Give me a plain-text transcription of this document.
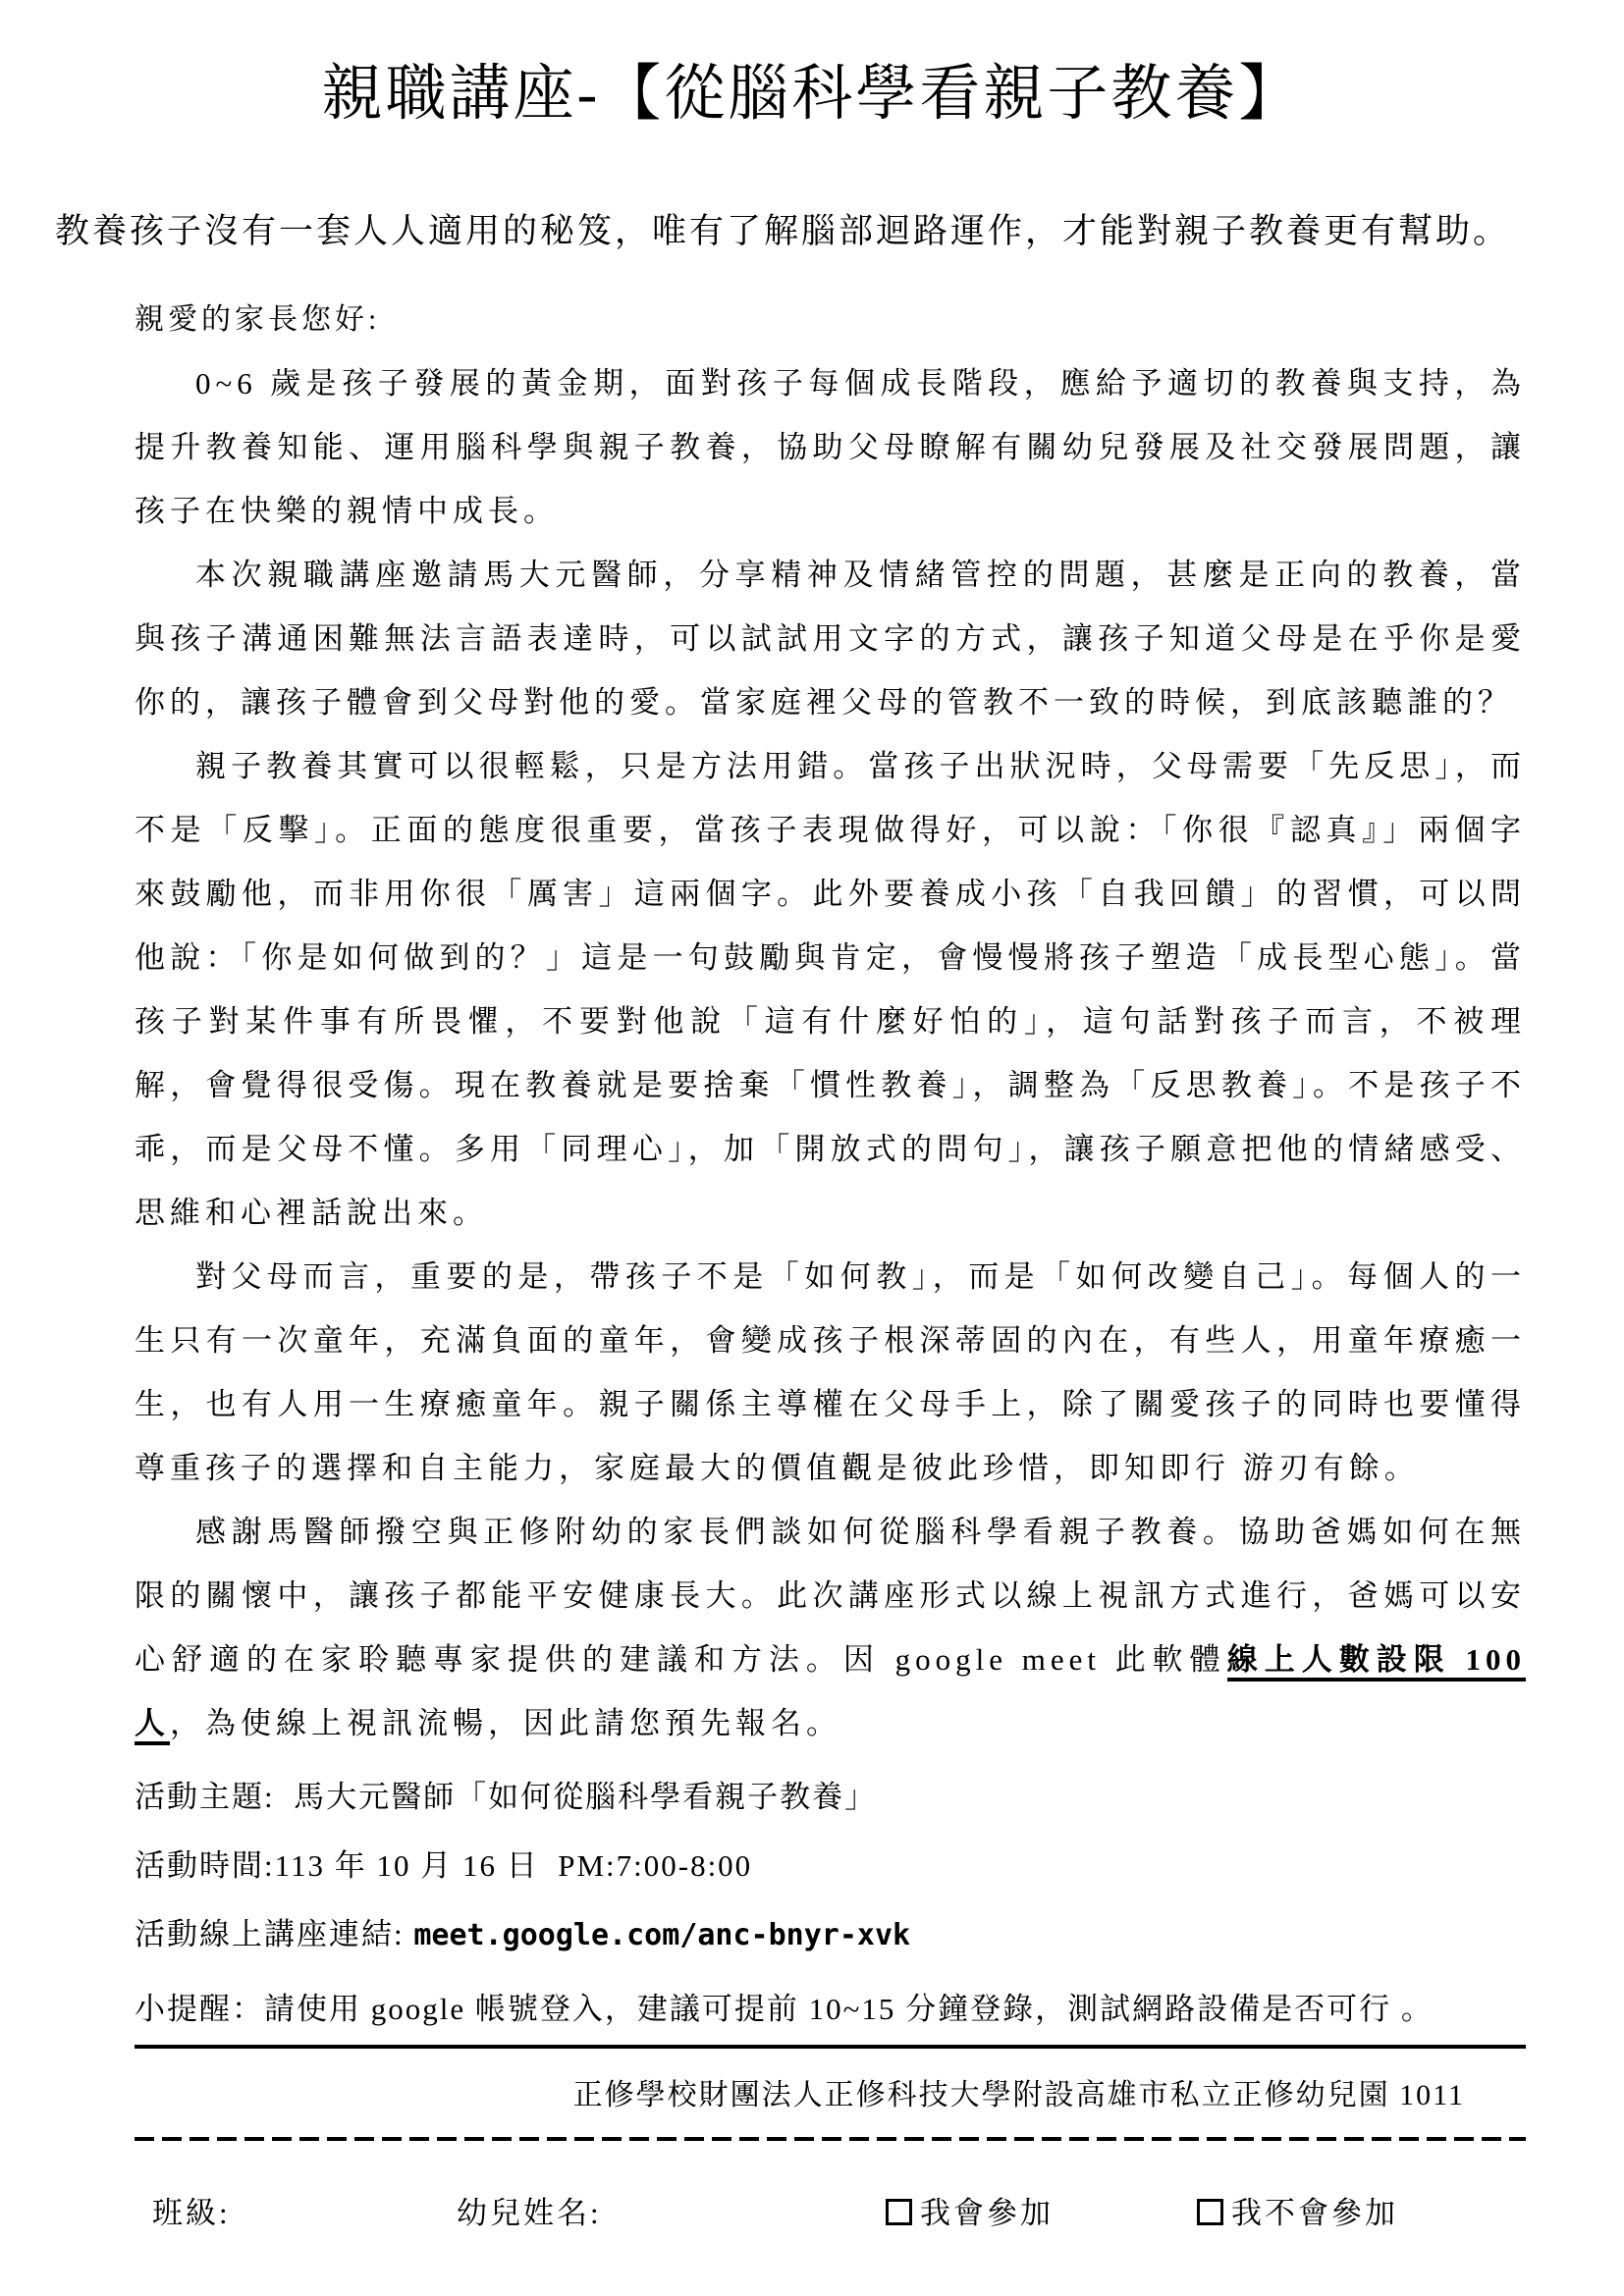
親職講座-【從腦科學看親子教養】
教養孩子沒有一套人人適用的秘笈，唯有了解腦部迴路運作，才能對親子教養更有幫助。
親愛的家長您好:

0~6 歲是孩子發展的黃金期，面對孩子每個成長階段，應給予適切的教養與支持，為提升教養知能、運用腦科學與親子教養，協助父母瞭解有關幼兒發展及社交發展問題，讓孩子在快樂的親情中成長。

本次親職講座邀請馬大元醫師，分享精神及情緒管控的問題，甚麼是正向的教養，當與孩子溝通困難無法言語表達時，可以試試用文字的方式，讓孩子知道父母是在乎你是愛你的，讓孩子體會到父母對他的愛。當家庭裡父母的管教不一致的時候，到底該聽誰的？

親子教養其實可以很輕鬆，只是方法用錯。當孩子出狀況時，父母需要「先反思」，而不是「反擊」。正面的態度很重要，當孩子表現做得好，可以說：「你很『認真』」兩個字來鼓勵他，而非用你很「厲害」這兩個字。此外要養成小孩「自我回饋」的習慣，可以問他說：「你是如何做到的？」這是一句鼓勵與肯定，會慢慢將孩子塑造「成長型心態」。當孩子對某件事有所畏懼，不要對他說「這有什麼好怕的」，這句話對孩子而言，不被理解，會覺得很受傷。現在教養就是要捨棄「慣性教養」，調整為「反思教養」。不是孩子不乖，而是父母不懂。多用「同理心」，加「開放式的問句」，讓孩子願意把他的情緒感受、思維和心裡話說出來。

對父母而言，重要的是，帶孩子不是「如何教」，而是「如何改變自己」。每個人的一生只有一次童年，充滿負面的童年，會變成孩子根深蒂固的內在，有些人，用童年療癒一生，也有人用一生療癒童年。親子關係主導權在父母手上，除了關愛孩子的同時也要懂得尊重孩子的選擇和自主能力，家庭最大的價值觀是彼此珍惜，即知即行 游刃有餘。

感謝馬醫師撥空與正修附幼的家長們談如何從腦科學看親子教養。協助爸媽如何在無限的關懷中，讓孩子都能平安健康長大。此次講座形式以線上視訊方式進行，爸媽可以安心舒適的在家聆聽專家提供的建議和方法。因 google meet 此軟體線上人數設限 100 人，為使線上視訊流暢，因此請您預先報名。

活動主題:  馬大元醫師「如何從腦科學看親子教養」
活動時間:113 年 10 月 16 日  PM:7:00-8:00
活動線上講座連結: meet.google.com/anc-bnyr-xvk
小提醒：請使用 google 帳號登入，建議可提前 10~15 分鐘登錄，測試網路設備是否可行 。
正修學校財團法人正修科技大學附設高雄市私立正修幼兒園 1011
班級:	幼兒姓名:	我會參加	我不會參加
